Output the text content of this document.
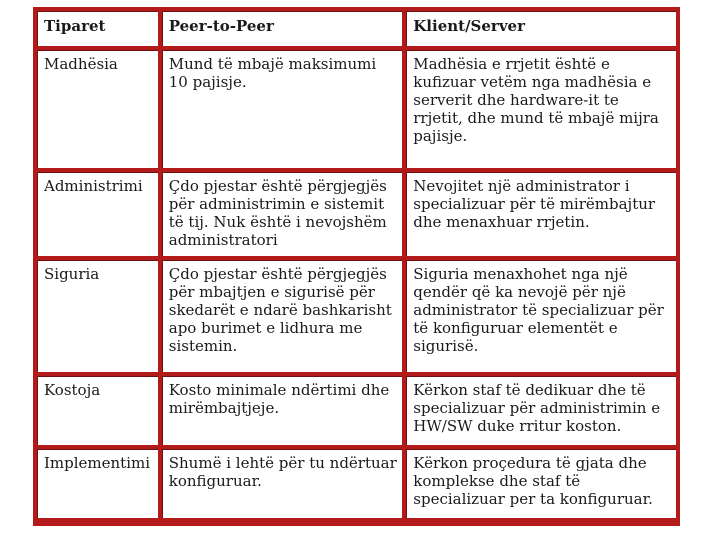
Tiparet	Peer-to-Peer	Klient/Server
Madhësia	Mund të mbajë maksimumi 10 pajisje.	Madhësia e rrjetit është e kufizuar vetëm nga madhësia e serverit dhe hardware-it te rrjetit, dhe mund të mbajë mijra pajisje.
Administrimi	Çdo pjestar është përgjegjës për administrimin e sistemit të tij. Nuk është i nevojshëm administratori	Nevojitet një administrator i specializuar për të mirëmbajtur dhe menaxhuar rrjetin.
Siguria	Çdo pjestar është përgjegjës për mbajtjen e sigurisë për skedarët e ndarë bashkarisht apo burimet e lidhura me sistemin.	Siguria menaxhohet nga një qendër që ka nevojë për një administrator të specializuar për të konfiguruar elementët e sigurisë.
Kostoja	Kosto minimale ndërtimi dhe mirëmbajtjeje.	Kërkon staf të dedikuar dhe të specializuar për administrimin e HW/SW duke rritur koston.
Implementimi	Shumë i lehtë për tu ndërtuar konfiguruar.	Kërkon proçedura të gjata dhe komplekse dhe staf të specializuar per ta konfiguruar.
